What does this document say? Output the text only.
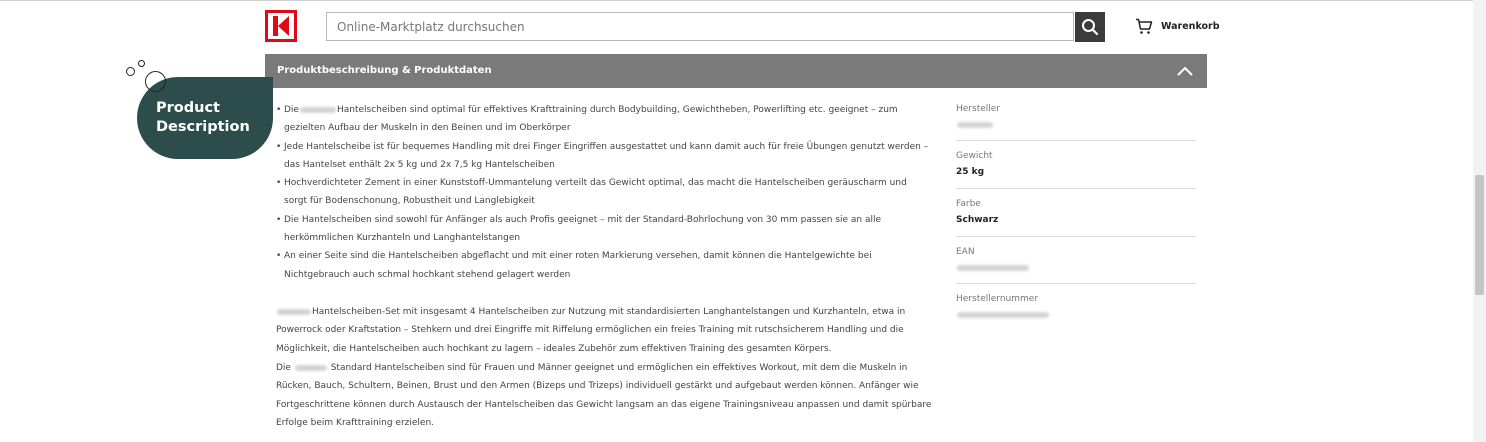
Online-Marktplatz durchsuchen
Warenkorb
Produktbeschreibung & Produktdaten
• Die	Hantelscheiben sind optimal für effektives Krafttraining durch Bodybuilding, Gewichtheben, Powerlifting etc. geeignet – zum gezielten Aufbau der Muskeln in den Beinen und im Oberkörper
• Jede Hantelscheibe ist für bequemes Handling mit drei Finger Eingriffen ausgestattet und kann damit auch für freie Übungen genutzt werden – das Hantelset enthält 2x 5 kg und 2x 7,5 kg Hantelscheiben
• Hochverdichteter Zement in einer Kunststoff-Ummantelung verteilt das Gewicht optimal, das macht die Hantelscheiben geräuscharm und sorgt für Bodenschonung, Robustheit und Langlebigkeit
• Die Hantelscheiben sind sowohl für Anfänger als auch Profis geeignet – mit der Standard-Bohrlochung von 30 mm passen sie an alle herkömmlichen Kurzhanteln und Langhantelstangen
• An einer Seite sind die Hantelscheiben abgeflacht und mit einer roten Markierung versehen, damit können die Hantelgewichte bei Nichtgebrauch auch schmal hochkant stehend gelagert werden

Hantelscheiben-Set mit insgesamt 4 Hantelscheiben zur Nutzung mit standardisierten Langhantelstangen und Kurzhanteln, etwa in Powerrock oder Kraftstation – Stehkern und drei Eingriffe mit Riffelung ermöglichen ein freies Training mit rutschsicherem Handling und die Möglichkeit, die Hantelscheiben auch hochkant zu lagern – ideales Zubehör zum effektiven Training des gesamten Körpers.

Die	Standard Hantelscheiben sind für Frauen und Männer geeignet und ermöglichen ein effektives Workout, mit dem die Muskeln in Rücken, Bauch, Schultern, Beinen, Brust und den Armen (Bizeps und Trizeps) individuell gestärkt und aufgebaut werden können. Anfänger wie Fortgeschrittene können durch Austausch der Hantelscheiben das Gewicht langsam an das eigene Trainingsniveau anpassen und damit spürbare Erfolge beim Krafttraining erzielen.

Hersteller
Gewicht
25 kg
Farbe
Schwarz
EAN
Herstellernummer
Product
Description
